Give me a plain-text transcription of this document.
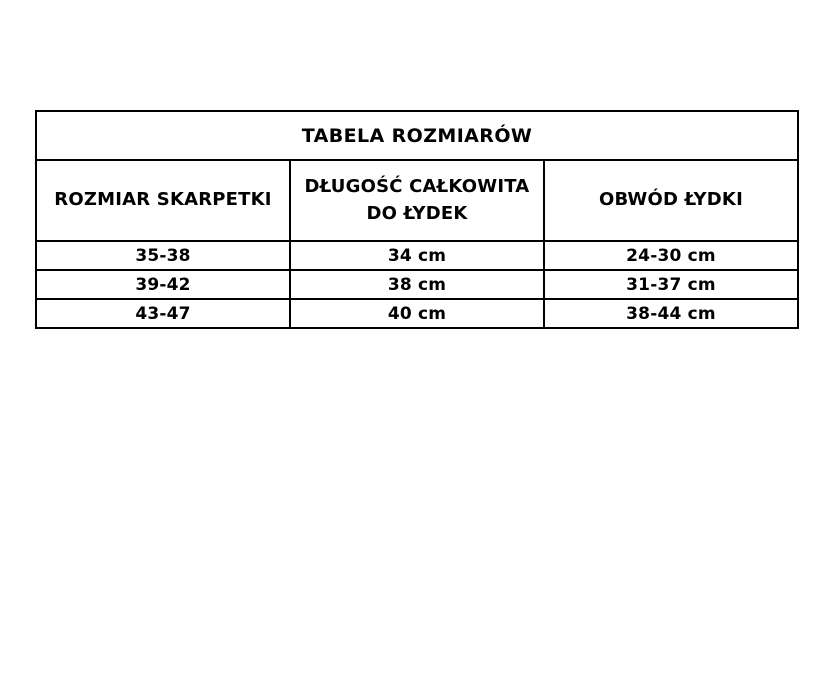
TABELA ROZMIARÓW		
ROZMIAR SKARPETKI	DŁUGOŚĆ CAŁKOWITA DO ŁYDEK	OBWÓD ŁYDKI
35-38	34 cm	24-30 cm
39-42	38 cm	31-37 cm
43-47	40 cm	38-44 cm
